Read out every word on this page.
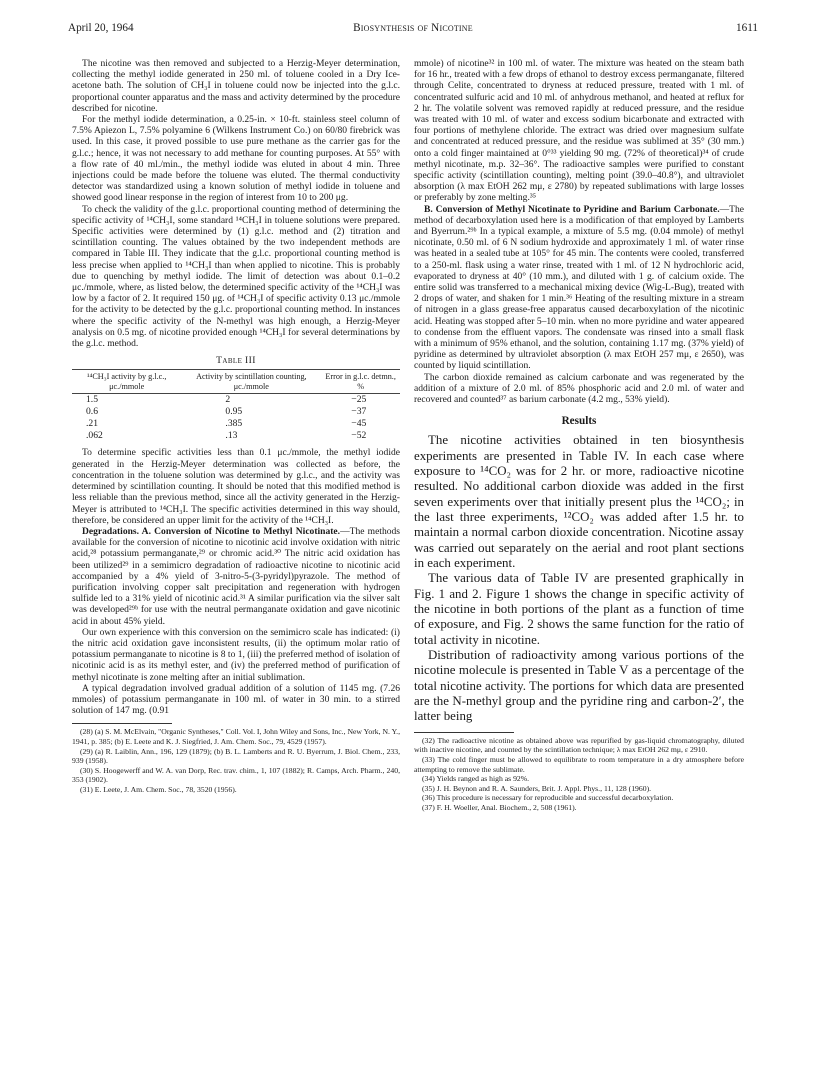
April 20, 1964	Biosynthesis of Nicotine	1611

The nicotine was then removed and subjected to a Herzig-Meyer determination, collecting the methyl iodide generated in 250 ml. of toluene cooled in a Dry Ice-acetone bath. The solution of CH₃I in toluene could now be injected into the g.l.c. proportional counter apparatus and the mass and activity determined by the procedure described for nicotine.

For the methyl iodide determination, a 0.25-in. × 10-ft. stainless steel column of 7.5% Apiezon L, 7.5% polyamine 6 (Wilkens Instrument Co.) on 60/80 firebrick was used. In this case, it proved possible to use pure methane as the carrier gas for the g.l.c.; hence, it was not necessary to add methane for counting purposes. At 55° with a flow rate of 40 ml./min., the methyl iodide was eluted in about 4 min. Three injections could be made before the toluene was eluted. The thermal conductivity detector was standardized using a known solution of methyl iodide in toluene and showed good linear response in the region of interest from 10 to 200 μg.

To check the validity of the g.l.c. proportional counting method of determining the specific activity of ¹⁴CH₃I, some standard ¹⁴CH₃I in toluene solutions were prepared. Specific activities were determined by (1) g.l.c. method and (2) titration and scintillation counting. The values obtained by the two independent methods are compared in Table III. They indicate that the g.l.c. proportional counting method is less precise when applied to ¹⁴CH₃I than when applied to nicotine. This is probably due to quenching by methyl iodide. The limit of detection was about 0.1–0.2 μc./mmole, where, as listed below, the determined specific activity of the ¹⁴CH₃I was low by a factor of 2. It required 150 μg. of ¹⁴CH₃I of specific activity 0.13 μc./mmole for the activity to be detected by the g.l.c. proportional counting method. In instances where the specific activity of the N-methyl was high enough, a Herzig-Meyer analysis on 0.5 mg. of nicotine provided enough ¹⁴CH₃I for several determinations by the g.l.c. method.

Table III
¹⁴CH₃I activity by g.l.c., μc./mmole	Activity by scintillation counting, μc./mmole	Error in g.l.c. detmn., %
1.5	2	−25
0.6	0.95	−37
.21	.385	−45
.062	.13	−52

To determine specific activities less than 0.1 μc./mmole, the methyl iodide generated in the Herzig-Meyer determination was collected as before, the concentration in the toluene solution was determined by g.l.c., and the activity was determined by scintillation counting. It should be noted that this modified method is less reliable than the previous method, since all the activity generated in the Herzig-Meyer is attributed to ¹⁴CH₃I. The specific activities determined in this way should, therefore, be considered an upper limit for the activity of the ¹⁴CH₃I.

Degradations. A. Conversion of Nicotine to Methyl Nicotinate.—The methods available for the conversion of nicotine to nicotinic acid involve oxidation with nitric acid,²⁸ potassium permanganate,²⁹ or chromic acid.³⁰ The nitric acid oxidation has been utilized²⁹ in a semimicro degradation of radioactive nicotine to nicotinic acid accompanied by a 4% yield of 3-nitro-5-(3-pyridyl)pyrazole. The method of purification involving copper salt precipitation and regeneration with hydrogen sulfide led to a 31% yield of nicotinic acid.³¹ A similar purification via the silver salt was developed²⁹ᵇ for use with the neutral permanganate oxidation and gave nicotinic acid in about 45% yield.

Our own experience with this conversion on the semimicro scale has indicated: (i) the nitric acid oxidation gave inconsistent results, (ii) the optimum molar ratio of potassium permanganate to nicotine is 8 to 1, (iii) the preferred method of isolation of nicotinic acid is as its methyl ester, and (iv) the preferred method of purification of methyl nicotinate is zone melting after an initial sublimation.

A typical degradation involved gradual addition of a solution of 1145 mg. (7.26 mmoles) of potassium permanganate in 100 ml. of water in 30 min. to a stirred solution of 147 mg. (0.91

(28) (a) S. M. McElvain, "Organic Syntheses," Coll. Vol. I, John Wiley and Sons, Inc., New York, N. Y., 1941, p. 385; (b) E. Leete and K. J. Siegfried, J. Am. Chem. Soc., 79, 4529 (1957).

(29) (a) R. Laiblin, Ann., 196, 129 (1879); (b) B. L. Lamberts and R. U. Byerrum, J. Biol. Chem., 233, 939 (1958).

(30) S. Hoogewerff and W. A. van Dorp, Rec. trav. chim., 1, 107 (1882); R. Camps, Arch. Pharm., 240, 353 (1902).

(31) E. Leete, J. Am. Chem. Soc., 78, 3520 (1956).

mmole) of nicotine³² in 100 ml. of water. The mixture was heated on the steam bath for 16 hr., treated with a few drops of ethanol to destroy excess permanganate, filtered through Celite, concentrated to dryness at reduced pressure, treated with 1 ml. of concentrated sulfuric acid and 10 ml. of anhydrous methanol, and heated at reflux for 2 hr. The volatile solvent was removed rapidly at reduced pressure, and the residue was treated with 10 ml. of water and excess sodium bicarbonate and extracted with four portions of methylene chloride. The extract was dried over magnesium sulfate and concentrated at reduced pressure, and the residue was sublimed at 35° (30 mm.) onto a cold finger maintained at 0°³³ yielding 90 mg. (72% of theoretical)³⁴ of crude methyl nicotinate, m.p. 32–36°. The radioactive samples were purified to constant specific activity (scintillation counting), melting point (39.0–40.8°), and ultraviolet absorption (λ max EtOH 262 mμ, ε 2780) by repeated sublimations with large losses or preferably by zone melting.³⁵

B. Conversion of Methyl Nicotinate to Pyridine and Barium Carbonate.—The method of decarboxylation used here is a modification of that employed by Lamberts and Byerrum.²⁹ᵇ In a typical example, a mixture of 5.5 mg. (0.04 mmole) of methyl nicotinate, 0.50 ml. of 6 N sodium hydroxide and approximately 1 ml. of water rinse was heated in a sealed tube at 105° for 45 min. The contents were cooled, transferred to a 250-ml. flask using a water rinse, treated with 1 ml. of 12 N hydrochloric acid, evaporated to dryness at 40° (10 mm.), and diluted with 1 g. of calcium oxide. The entire solid was transferred to a mechanical mixing device (Wig-L-Bug), treated with 2 drops of water, and shaken for 1 min.³⁶ Heating of the resulting mixture in a stream of nitrogen in a glass grease-free apparatus caused decarboxylation of the nicotinic acid. Heating was stopped after 5–10 min. when no more pyridine and water appeared to condense from the effluent vapors. The condensate was rinsed into a small flask with a minimum of 95% ethanol, and the solution, containing 1.17 mg. (37% yield) of pyridine as determined by ultraviolet absorption (λ max EtOH 257 mμ, ε 2650), was counted by liquid scintillation.

The carbon dioxide remained as calcium carbonate and was regenerated by the addition of a mixture of 2.0 ml. of 85% phosphoric acid and 2.0 ml. of water and recovered and counted³⁷ as barium carbonate (4.2 mg., 53% yield).

Results

The nicotine activities obtained in ten biosynthesis experiments are presented in Table IV. In each case where exposure to ¹⁴CO₂ was for 2 hr. or more, radioactive nicotine resulted. No additional carbon dioxide was added in the first seven experiments over that initially present plus the ¹⁴CO₂; in the last three experiments, ¹²CO₂ was added after 1.5 hr. to maintain a normal carbon dioxide concentration. Nicotine assay was carried out separately on the aerial and root plant sections in each experiment.

The various data of Table IV are presented graphically in Fig. 1 and 2. Figure 1 shows the change in specific activity of the nicotine in both portions of the plant as a function of time of exposure, and Fig. 2 shows the same function for the ratio of total activity in nicotine.

Distribution of radioactivity among various portions of the nicotine molecule is presented in Table V as a percentage of the total nicotine activity. The portions for which data are presented are the N-methyl group and the pyridine ring and carbon-2′, the latter being

(32) The radioactive nicotine as obtained above was repurified by gas-liquid chromatography, diluted with inactive nicotine, and counted by the scintillation technique; λ max EtOH 262 mμ, ε 2910.

(33) The cold finger must be allowed to equilibrate to room temperature in a dry atmosphere before attempting to remove the sublimate.

(34) Yields ranged as high as 92%.

(35) J. H. Beynon and R. A. Saunders, Brit. J. Appl. Phys., 11, 128 (1960).

(36) This procedure is necessary for reproducible and successful decarboxylation.

(37) F. H. Woeller, Anal. Biochem., 2, 508 (1961).
